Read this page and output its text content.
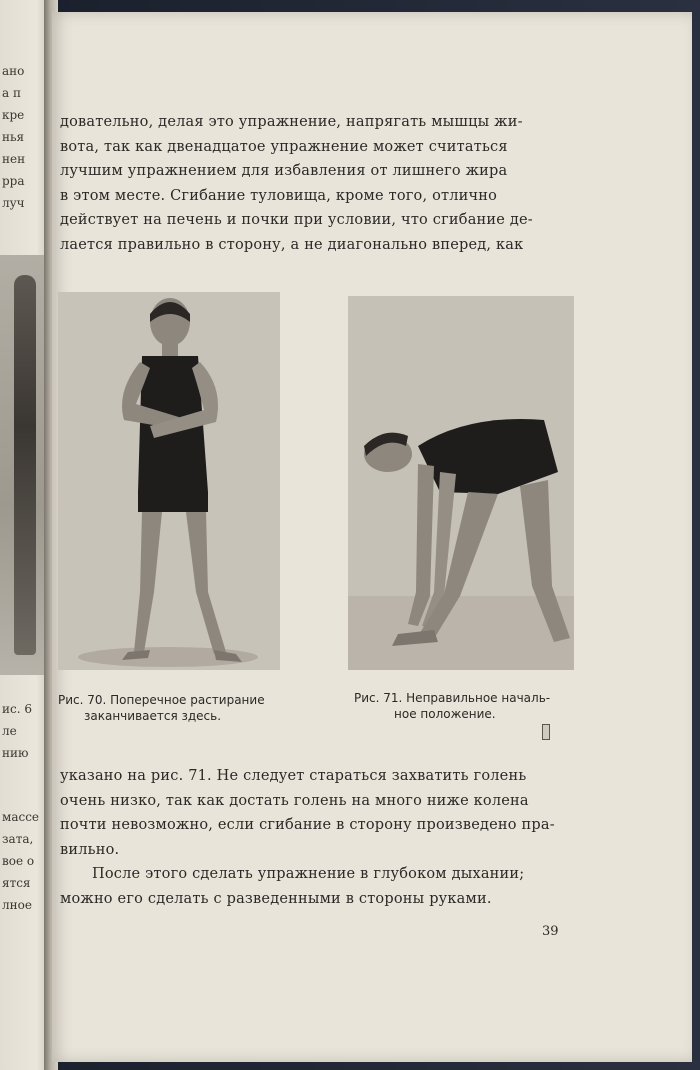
ано
а п
кре
нья
нен
рра
луч
ис. 6
ле
нию
массе
зата,
вое о
ятся
лное
довательно, делая это упражнение, напрягать мышцы жи-
вота, так как двенадцатое упражнение может считаться
лучшим упражнением для избавления от лишнего жира
в этом месте. Сгибание туловища, кроме того, отлично
действует на печень и почки при условии, что сгибание де-
лается правильно в сторону, а не диагонально вперед, как
Рис. 70. Поперечное растирание
заканчивается здесь.
Рис. 71. Неправильное началь-
ное положение.
указано на рис. 71. Не следует стараться захватить голень
очень низко, так как достать голень на много ниже колена
почти невозможно, если сгибание в сторону произведено пра-
вильно.
После этого сделать упражнение в глубоком дыхании;
можно его сделать с разведенными в стороны руками.
39
